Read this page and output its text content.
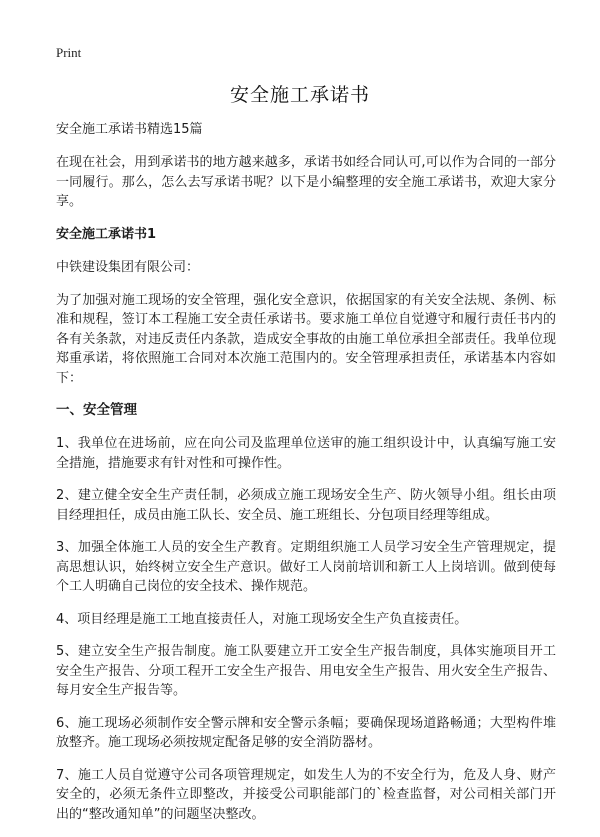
Print
安全施工承诺书
安全施工承诺书精选15篇
在现在社会，用到承诺书的地方越来越多，承诺书如经合同认可,可以作为合同的一部分一同履行。那么，怎么去写承诺书呢？以下是小编整理的安全施工承诺书，欢迎大家分享。
安全施工承诺书1
中铁建设集团有限公司：
为了加强对施工现场的安全管理，强化安全意识，依据国家的有关安全法规、条例、标准和规程，签订本工程施工安全责任承诺书。要求施工单位自觉遵守和履行责任书内的各有关条款，对违反责任内条款，造成安全事故的由施工单位承担全部责任。我单位现郑重承诺，将依照施工合同对本次施工范围内的。安全管理承担责任，承诺基本内容如下：
一、安全管理
1、我单位在进场前，应在向公司及监理单位送审的施工组织设计中，认真编写施工安全措施，措施要求有针对性和可操作性。
2、建立健全安全生产责任制，必须成立施工现场安全生产、防火领导小组。组长由项目经理担任，成员由施工队长、安全员、施工班组长、分包项目经理等组成。
3、加强全体施工人员的安全生产教育。定期组织施工人员学习安全生产管理规定，提高思想认识，始终树立安全生产意识。做好工人岗前培训和新工人上岗培训。做到使每个工人明确自己岗位的安全技术、操作规范。
4、项目经理是施工工地直接责任人，对施工现场安全生产负直接责任。
5、建立安全生产报告制度。施工队要建立开工安全生产报告制度，具体实施项目开工安全生产报告、分项工程开工安全生产报告、用电安全生产报告、用火安全生产报告、每月安全生产报告等。
6、施工现场必须制作安全警示牌和安全警示条幅；要确保现场道路畅通；大型构件堆放整齐。施工现场必须按规定配备足够的安全消防器材。
7、施工人员自觉遵守公司各项管理规定，如发生人为的不安全行为，危及人身、财产安全的，必须无条件立即整改，并接受公司职能部门的`检查监督，对公司相关部门开出的“整改通知单”的问题坚决整改。
